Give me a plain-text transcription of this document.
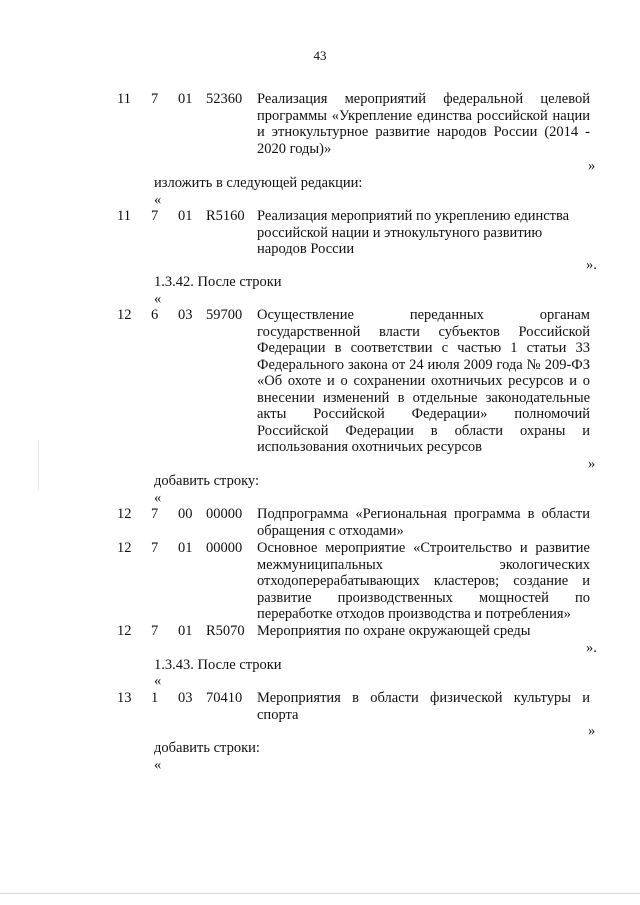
43
11 7 01 52360 Реализация мероприятий федеральной целевой программы «Укрепление единства российской нации и этнокультурное развитие народов России (2014 - 2020 годы)»
»
изложить в следующей редакции:
«
11 7 01 R5160 Реализация мероприятий по укреплению единства российской нации и этнокультуного развитию народов России
».
1.3.42. После строки
«
12 6 03 59700 Осуществление переданных органам государственной власти субъектов Российской Федерации в соответствии с частью 1 статьи 33 Федерального закона от 24 июля 2009 года № 209-ФЗ «Об охоте и о сохранении охотничьих ресурсов и о внесении изменений в отдельные законодательные акты Российской Федерации» полномочий Российской Федерации в области охраны и использования охотничьих ресурсов
»
добавить строку:
«
12 7 00 00000 Подпрограмма «Региональная программа в области обращения с отходами»
12 7 01 00000 Основное мероприятие «Строительство и развитие межмуниципальных экологических отходоперерабатывающих кластеров; создание и развитие производственных мощностей по переработке отходов производства и потребления»
12 7 01 R5070 Мероприятия по охране окружающей среды
».
1.3.43. После строки
«
13 1 03 70410 Мероприятия в области физической культуры и спорта
»
добавить строки:
«
